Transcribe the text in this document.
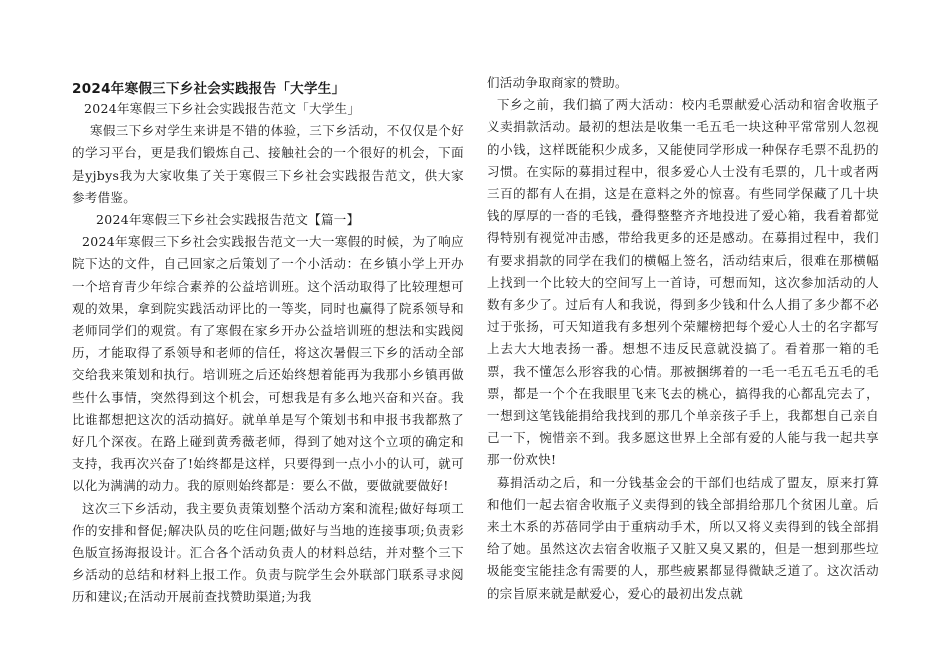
2024年寒假三下乡社会实践报告「大学生」

2024年寒假三下乡社会实践报告范文「大学生」

寒假三下乡对学生来讲是不错的体验，三下乡活动，不仅仅是个好的学习平台，更是我们锻炼自己、接触社会的一个很好的机会，下面是yjbys我为大家收集了关于寒假三下乡社会实践报告范文，供大家参考借鉴。

2024年寒假三下乡社会实践报告范文【篇一】

2024年寒假三下乡社会实践报告范文一大一寒假的时候，为了响应院下达的文件，自己回家之后策划了一个小活动：在乡镇小学上开办一个培育青少年综合素养的公益培训班。这个活动取得了比较理想可观的效果，拿到院实践活动评比的一等奖，同时也赢得了院系领导和老师同学们的观赏。有了寒假在家乡开办公益培训班的想法和实践阅历，才能取得了系领导和老师的信任，将这次暑假三下乡的活动全部交给我来策划和执行。培训班之后还始终想着能再为我那小乡镇再做些什么事情，突然得到这个机会，可想我是有多么地兴奋和兴奋。我比谁都想把这次的活动搞好。就单单是写个策划书和申报书我都熬了好几个深夜。在路上碰到黄秀薇老师，得到了她对这个立项的确定和支持，我再次兴奋了!始终都是这样，只要得到一点小小的认可，就可以化为满满的动力。我的原则始终都是：要么不做，要做就要做好!

这次三下乡活动，我主要负责策划整个活动方案和流程;做好每项工作的安排和督促;解决队员的吃住问题;做好与当地的连接事项;负责彩色版宣扬海报设计。汇合各个活动负责人的材料总结，并对整个三下乡活动的总结和材料上报工作。负责与院学生会外联部门联系寻求阅历和建议;在活动开展前查找赞助渠道;为我

们活动争取商家的赞助。

下乡之前，我们搞了两大活动：校内毛票献爱心活动和宿舍收瓶子义卖捐款活动。最初的想法是收集一毛五毛一块这种平常常别人忽视的小钱，这样既能积少成多，又能使同学形成一种保存毛票不乱扔的习惯。在实际的募捐过程中，很多爱心人士没有毛票的，几十或者两三百的都有人在捐，这是在意料之外的惊喜。有些同学保藏了几十块钱的厚厚的一沓的毛钱，叠得整整齐齐地投进了爱心箱，我看着都觉得特别有视觉冲击感，带给我更多的还是感动。在募捐过程中，我们有要求捐款的同学在我们的横幅上签名，活动结束后，很难在那横幅上找到一个比较大的空间写上一首诗，可想而知，这次参加活动的人数有多少了。过后有人和我说，得到多少钱和什么人捐了多少都不必过于张扬，可天知道我有多想列个荣耀榜把每个爱心人士的名字都写上去大大地表扬一番。想想不违反民意就没搞了。看着那一箱的毛票，我不懂怎么形容我的心情。那被捆绑着的一毛一毛五毛五毛的毛票，都是一个个在我眼里飞来飞去的桃心，搞得我的心都乱完去了，一想到这笔钱能捐给我找到的那几个单亲孩子手上，我都想自己亲自己一下，惋惜亲不到。我多愿这世界上全部有爱的人能与我一起共享那一份欢快!

募捐活动之后，和一分钱基金会的干部们也结成了盟友，原来打算和他们一起去宿舍收瓶子义卖得到的钱全部捐给那几个贫困儿童。后来土木系的苏蓓同学由于重病动手术，所以又将义卖得到的钱全部捐给了她。虽然这次去宿舍收瓶子又脏又臭又累的，但是一想到那些垃圾能变宝能挂念有需要的人，那些疲累都显得微缺乏道了。这次活动的宗旨原来就是献爱心，爱心的最初出发点就
